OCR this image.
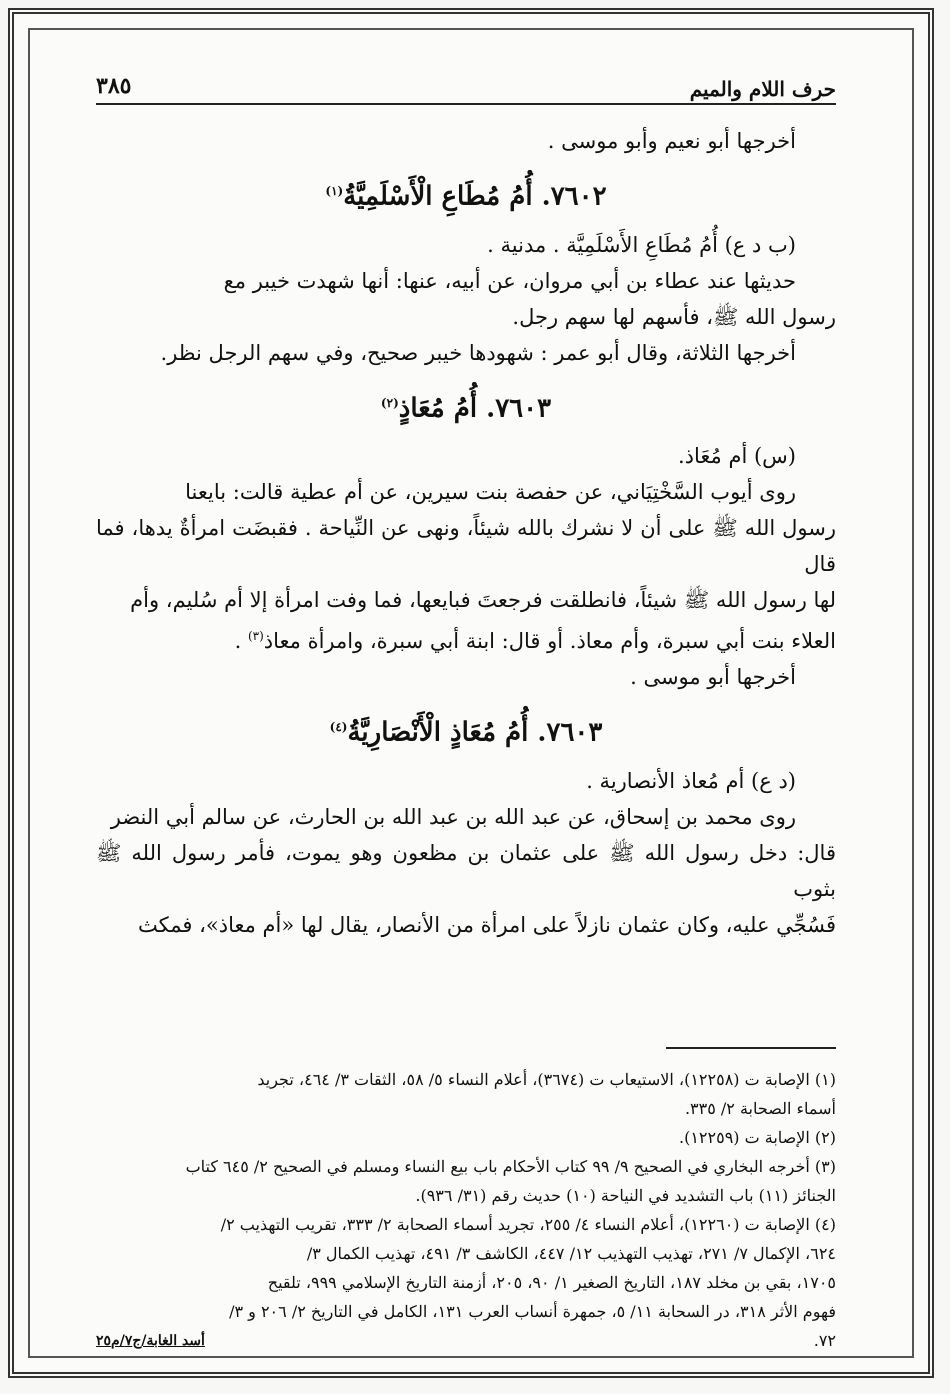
حرف اللام والميم
٣٨٥

أخرجها أبو نعيم وأبو موسى .

٧٦٠٢. أُمُ مُطَاعِ الْأَسْلَمِيَّةُ$^{(١)}$

(ب د ع) أُمُ مُطَاعِ الأَسْلَمِيَّة . مدنية .

حديثها عند عطاء بن أبي مروان، عن أبيه، عنها: أنها شهدت خيبر مع

رسول الله ﷺ، فأسهم لها سهم رجل.

أخرجها الثلاثة، وقال أبو عمر : شهودها خيبر صحيح، وفي سهم الرجل نظر.

٧٦٠٣. أُمُ مُعَاذٍ$^{(٢)}$

(س) أم مُعَاذ.

روى أيوب السَّخْتِيَاني، عن حفصة بنت سيرين، عن أم عطية قالت: بايعنا

رسول الله ﷺ على أن لا نشرك بالله شيئاً، ونهى عن النِّياحة . فقبضَت امرأةٌ يدها، فما قال

لها رسول الله ﷺ شيئاً، فانطلقت فرجعتَ فبايعها، فما وفت امرأة إلا أم سُليم، وأم

العلاء بنت أبي سبرة، وأم معاذ. أو قال: ابنة أبي سبرة، وامرأة معاذ$^{(٣)}$ .

أخرجها أبو موسى .

٧٦٠٣. أُمُ مُعَاذٍ الْأَنْصَارِيَّةُ$^{(٤)}$

(د ع) أم مُعاذ الأنصارية .

روى محمد بن إسحاق، عن عبد الله بن عبد الله بن الحارث، عن سالم أبي النضر

قال: دخل رسول الله ﷺ على عثمان بن مظعون وهو يموت، فأمر رسول الله ﷺ بثوب

فَسُجِّي عليه، وكان عثمان نازلاً على امرأة من الأنصار، يقال لها «أم معاذ»، فمكث

(١) الإصابة ت (١٢٢٥٨)، الاستيعاب ت (٣٦٧٤)، أعلام النساء ٥/ ٥٨، الثقات ٣/ ٤٦٤، تجريد

أسماء الصحابة ٢/ ٣٣٥.

(٢) الإصابة ت (١٢٢٥٩).

(٣) أخرجه البخاري في الصحيح ٩/ ٩٩ كتاب الأحكام باب بيع النساء ومسلم في الصحيح ٢/ ٦٤٥ كتاب

الجنائز (١١) باب التشديد في النياحة (١٠) حديث رقم (٣١/ ٩٣٦).

(٤) الإصابة ت (١٢٢٦٠)، أعلام النساء ٤/ ٢٥٥، تجريد أسماء الصحابة ٢/ ٣٣٣، تقريب التهذيب ٢/

٦٢٤، الإكمال ٧/ ٢٧١، تهذيب التهذيب ١٢/ ٤٤٧، الكاشف ٣/ ٤٩١، تهذيب الكمال ٣/

١٧٠٥، بقي بن مخلد ١٨٧، التاريخ الصغير ١/ ٩٠، ٢٠٥، أزمنة التاريخ الإسلامي ٩٩٩، تلقيح

فهوم الأثر ٣١٨، در السحابة ١١/ ٥، جمهرة أنساب العرب ١٣١، الكامل في التاريخ ٢/ ٢٠٦ و ٣/

٧٢.

أسد الغابة/ج٧/م٢٥
